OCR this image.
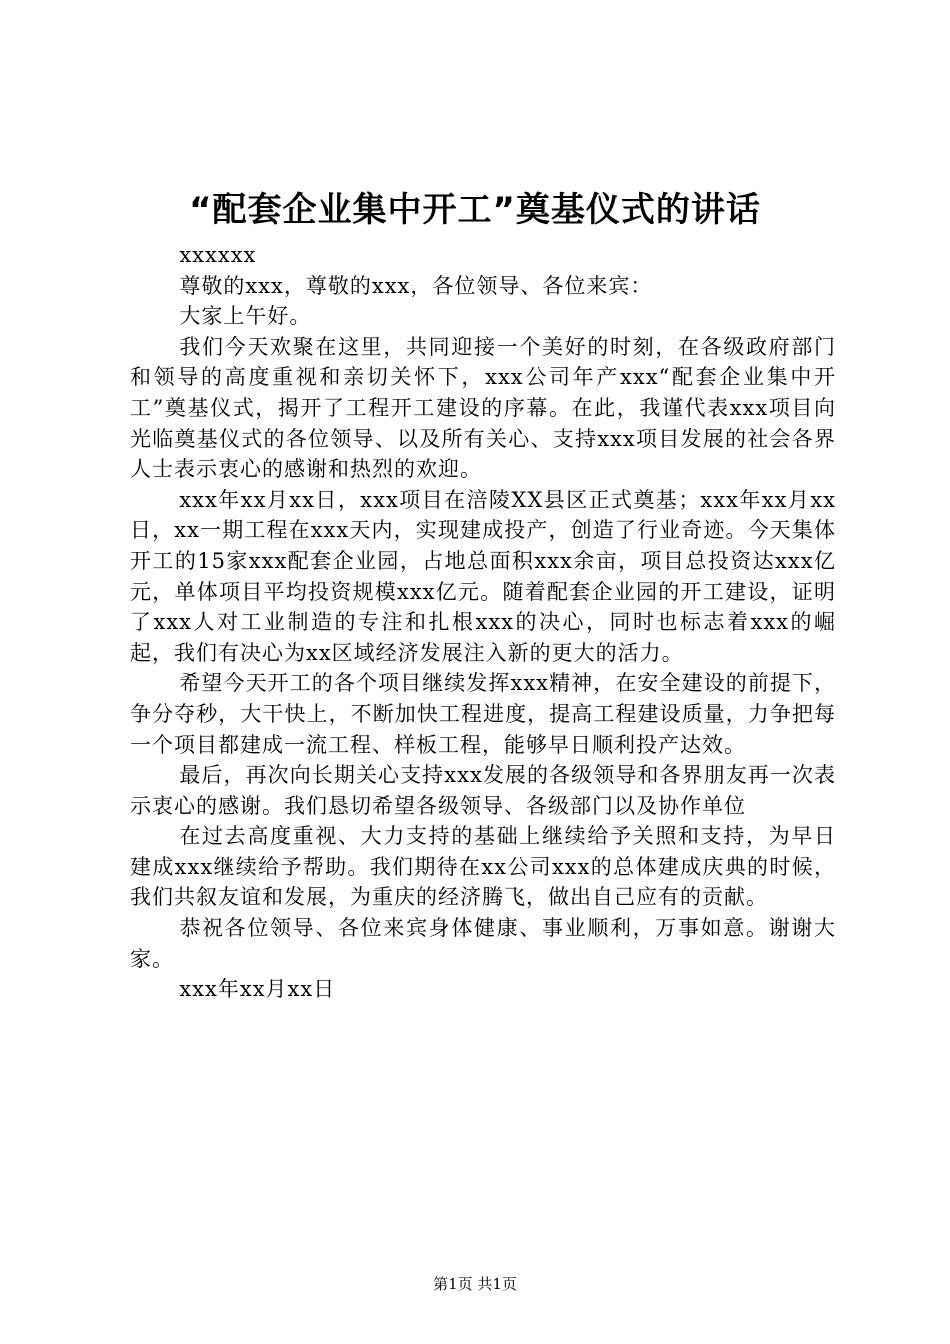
“配套企业集中开工”奠基仪式的讲话

xxxxxx

尊敬的xxx，尊敬的xxx，各位领导、各位来宾：

大家上午好。

我们今天欢聚在这里，共同迎接一个美好的时刻，在各级政府部门和领导的高度重视和亲切关怀下，xxx公司年产xxx“配套企业集中开工”奠基仪式，揭开了工程开工建设的序幕。在此，我谨代表xxx项目向光临奠基仪式的各位领导、以及所有关心、支持xxx项目发展的社会各界人士表示衷心的感谢和热烈的欢迎。

xxx年xx月xx日，xxx项目在涪陵XX县区正式奠基；xxx年xx月xx日，xx一期工程在xxx天内，实现建成投产，创造了行业奇迹。今天集体开工的15家xxx配套企业园，占地总面积xxx余亩，项目总投资达xxx亿元，单体项目平均投资规模xxx亿元。随着配套企业园的开工建设，证明了xxx人对工业制造的专注和扎根xxx的决心，同时也标志着xxx的崛起，我们有决心为xx区域经济发展注入新的更大的活力。

希望今天开工的各个项目继续发挥xxx精神，在安全建设的前提下，争分夺秒，大干快上，不断加快工程进度，提高工程建设质量，力争把每一个项目都建成一流工程、样板工程，能够早日顺利投产达效。

最后，再次向长期关心支持xxx发展的各级领导和各界朋友再一次表示衷心的感谢。我们恳切希望各级领导、各级部门以及协作单位

在过去高度重视、大力支持的基础上继续给予关照和支持，为早日建成xxx继续给予帮助。我们期待在xx公司xxx的总体建成庆典的时候，我们共叙友谊和发展，为重庆的经济腾飞，做出自己应有的贡献。

恭祝各位领导、各位来宾身体健康、事业顺利，万事如意。谢谢大家。

xxx年xx月xx日

第1页 共1页
